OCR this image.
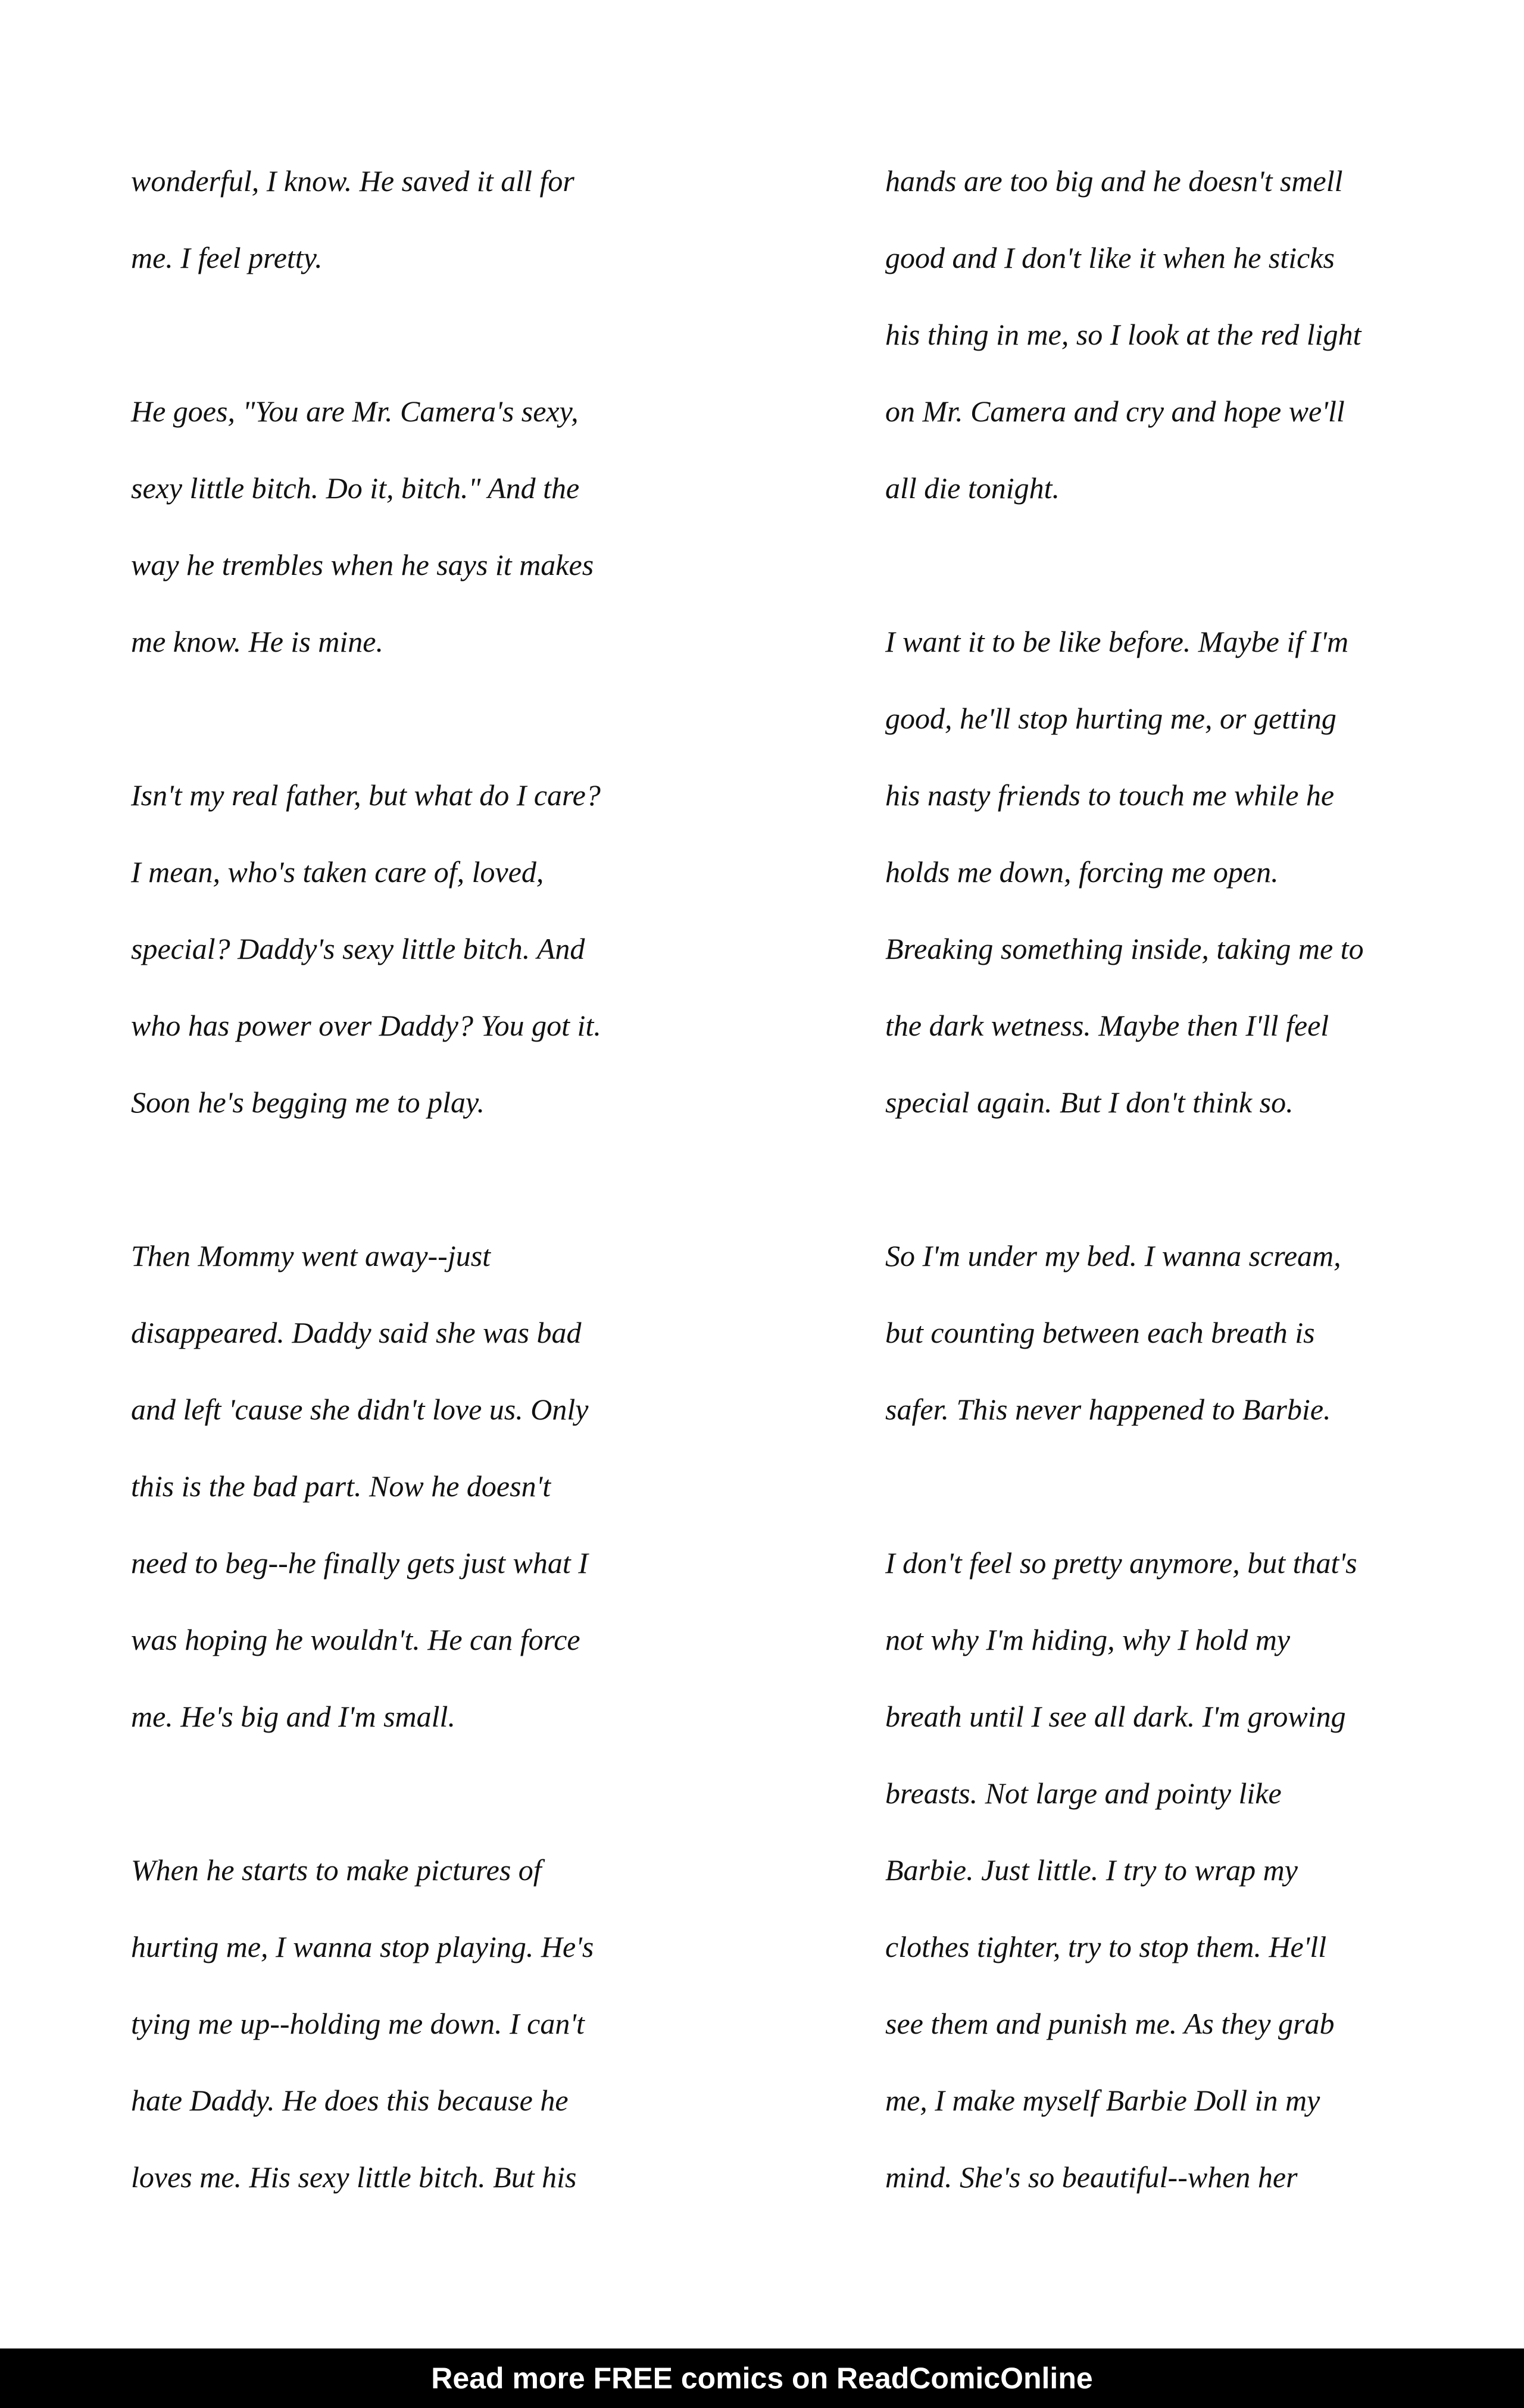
wonderful, I know. He saved it all for
me. I feel pretty.
He goes, "You are Mr. Camera's sexy,
sexy little bitch. Do it, bitch." And the
way he trembles when he says it makes
me know. He is mine.
Isn't my real father, but what do I care?
I mean, who's taken care of, loved,
special? Daddy's sexy little bitch. And
who has power over Daddy? You got it.
Soon he's begging me to play.
Then Mommy went away--just
disappeared. Daddy said she was bad
and left 'cause she didn't love us. Only
this is the bad part. Now he doesn't
need to beg--he finally gets just what I
was hoping he wouldn't. He can force
me. He's big and I'm small.
When he starts to make pictures of
hurting me, I wanna stop playing. He's
tying me up--holding me down. I can't
hate Daddy. He does this because he
loves me. His sexy little bitch. But his
hands are too big and he doesn't smell
good and I don't like it when he sticks
his thing in me, so I look at the red light
on Mr. Camera and cry and hope we'll
all die tonight.
I want it to be like before. Maybe if I'm
good, he'll stop hurting me, or getting
his nasty friends to touch me while he
holds me down, forcing me open.
Breaking something inside, taking me to
the dark wetness. Maybe then I'll feel
special again. But I don't think so.
So I'm under my bed. I wanna scream,
but counting between each breath is
safer. This never happened to Barbie.
I don't feel so pretty anymore, but that's
not why I'm hiding, why I hold my
breath until I see all dark. I'm growing
breasts. Not large and pointy like
Barbie. Just little. I try to wrap my
clothes tighter, try to stop them. He'll
see them and punish me. As they grab
me, I make myself Barbie Doll in my
mind. She's so beautiful--when her
Read more FREE comics on ReadComicOnline
